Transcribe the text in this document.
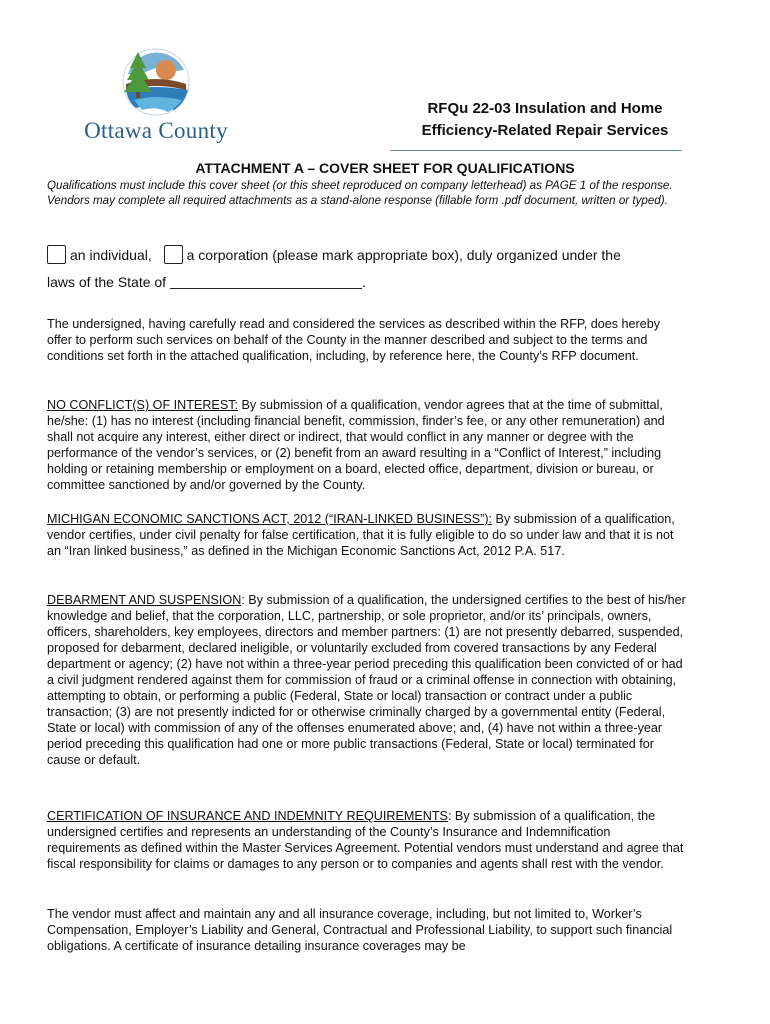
Ottawa County
RFQu 22-03 Insulation and Home
Efficiency-Related Repair Services
ATTACHMENT A – COVER SHEET FOR QUALIFICATIONS
Qualifications must include this cover sheet (or this sheet reproduced on company letterhead) as PAGE 1 of the response. Vendors may complete all required attachments as a stand-alone response (fillable form .pdf document, written or typed).
an individual, a corporation (please mark appropriate box), duly organized under the
laws of the State of	.

The undersigned, having carefully read and considered the services as described within the RFP, does hereby offer to perform such services on behalf of the County in the manner described and subject to the terms and conditions set forth in the attached qualification, including, by reference here, the County’s RFP document.

NO CONFLICT(S) OF INTEREST: By submission of a qualification, vendor agrees that at the time of submittal, he/she: (1) has no interest (including financial benefit, commission, finder’s fee, or any other remuneration) and shall not acquire any interest, either direct or indirect, that would conflict in any manner or degree with the performance of the vendor’s services, or (2) benefit from an award resulting in a “Conflict of Interest,” including holding or retaining membership or employment on a board, elected office, department, division or bureau, or committee sanctioned by and/or governed by the County.

MICHIGAN ECONOMIC SANCTIONS ACT, 2012 (“IRAN-LINKED BUSINESS”): By submission of a qualification, vendor certifies, under civil penalty for false certification, that it is fully eligible to do so under law and that it is not an “Iran linked business,” as defined in the Michigan Economic Sanctions Act, 2012 P.A. 517.

DEBARMENT AND SUSPENSION: By submission of a qualification, the undersigned certifies to the best of his/her knowledge and belief, that the corporation, LLC, partnership, or sole proprietor, and/or its’ principals, owners, officers, shareholders, key employees, directors and member partners: (1) are not presently debarred, suspended, proposed for debarment, declared ineligible, or voluntarily excluded from covered transactions by any Federal department or agency; (2) have not within a three-year period preceding this qualification been convicted of or had a civil judgment rendered against them for commission of fraud or a criminal offense in connection with obtaining, attempting to obtain, or performing a public (Federal, State or local) transaction or contract under a public transaction; (3) are not presently indicted for or otherwise criminally charged by a governmental entity (Federal, State or local) with commission of any of the offenses enumerated above; and, (4) have not within a three-year period preceding this qualification had one or more public transactions (Federal, State or local) terminated for cause or default.

CERTIFICATION OF INSURANCE AND INDEMNITY REQUIREMENTS: By submission of a qualification, the undersigned certifies and represents an understanding of the County’s Insurance and Indemnification requirements as defined within the Master Services Agreement. Potential vendors must understand and agree that fiscal responsibility for claims or damages to any person or to companies and agents shall rest with the vendor.

The vendor must affect and maintain any and all insurance coverage, including, but not limited to, Worker’s Compensation, Employer’s Liability and General, Contractual and Professional Liability, to support such financial obligations. A certificate of insurance detailing insurance coverages may be
